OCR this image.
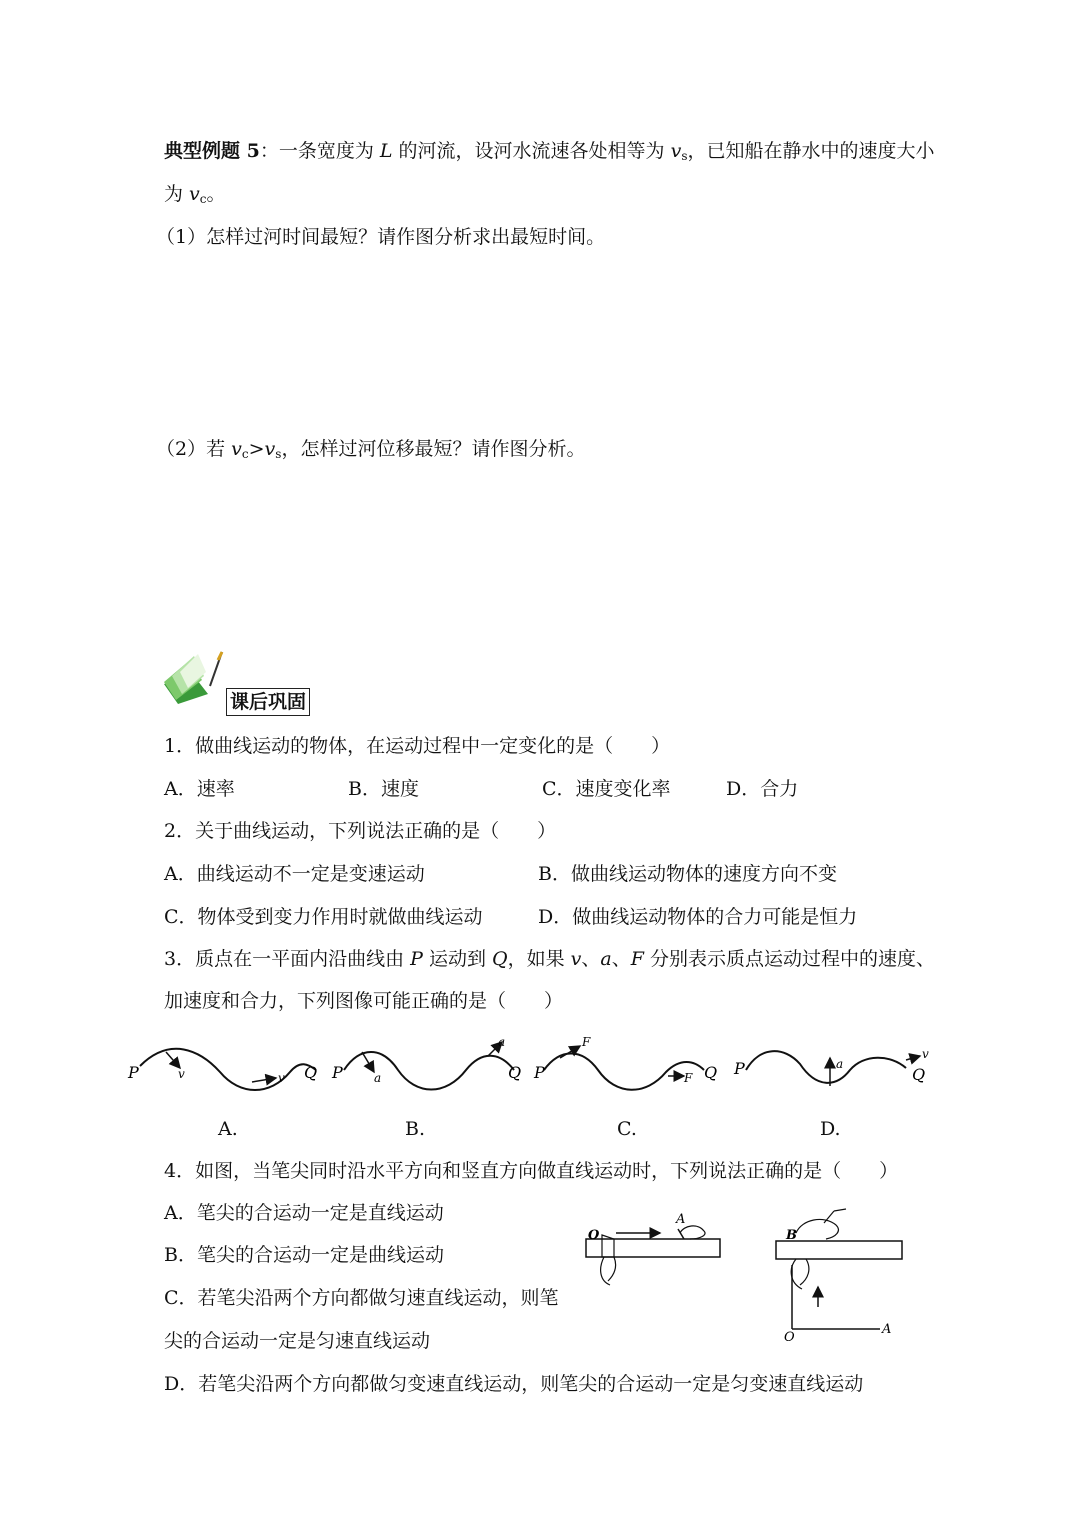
典型例题 5：一条宽度为 L 的河流，设河水流速各处相等为 $v_s$，已知船在静水中的速度大小
为 $v_c$。
（1）怎样过河时间最短？请作图分析求出最短时间。
（2）若 $v_c>v_s$，怎样过河位移最短？请作图分析。
课后巩固
1．做曲线运动的物体，在运动过程中一定变化的是（　　）
A．速率	B．速度	C．速度变化率	D．合力
2．关于曲线运动，下列说法正确的是（　　）
A．曲线运动不一定是变速运动	B．做曲线运动物体的速度方向不变
C．物体受到变力作用时就做曲线运动	D．做曲线运动物体的合力可能是恒力
3．质点在一平面内沿曲线由 P 运动到 Q，如果 v、a、F 分别表示质点运动过程中的速度、
加速度和合力，下列图像可能正确的是（　　）
P	Q
v	v	P	Q
a
a
P	Q
F
F	P	Q
a
v
A.	B.	C.	D.
4．如图，当笔尖同时沿水平方向和竖直方向做直线运动时，下列说法正确的是（　　）
A．笔尖的合运动一定是直线运动
B．笔尖的合运动一定是曲线运动
C．若笔尖沿两个方向都做匀速直线运动，则笔
尖的合运动一定是匀速直线运动
D．若笔尖沿两个方向都做匀变速直线运动，则笔尖的合运动一定是匀变速直线运动
O
A
B
O
A
